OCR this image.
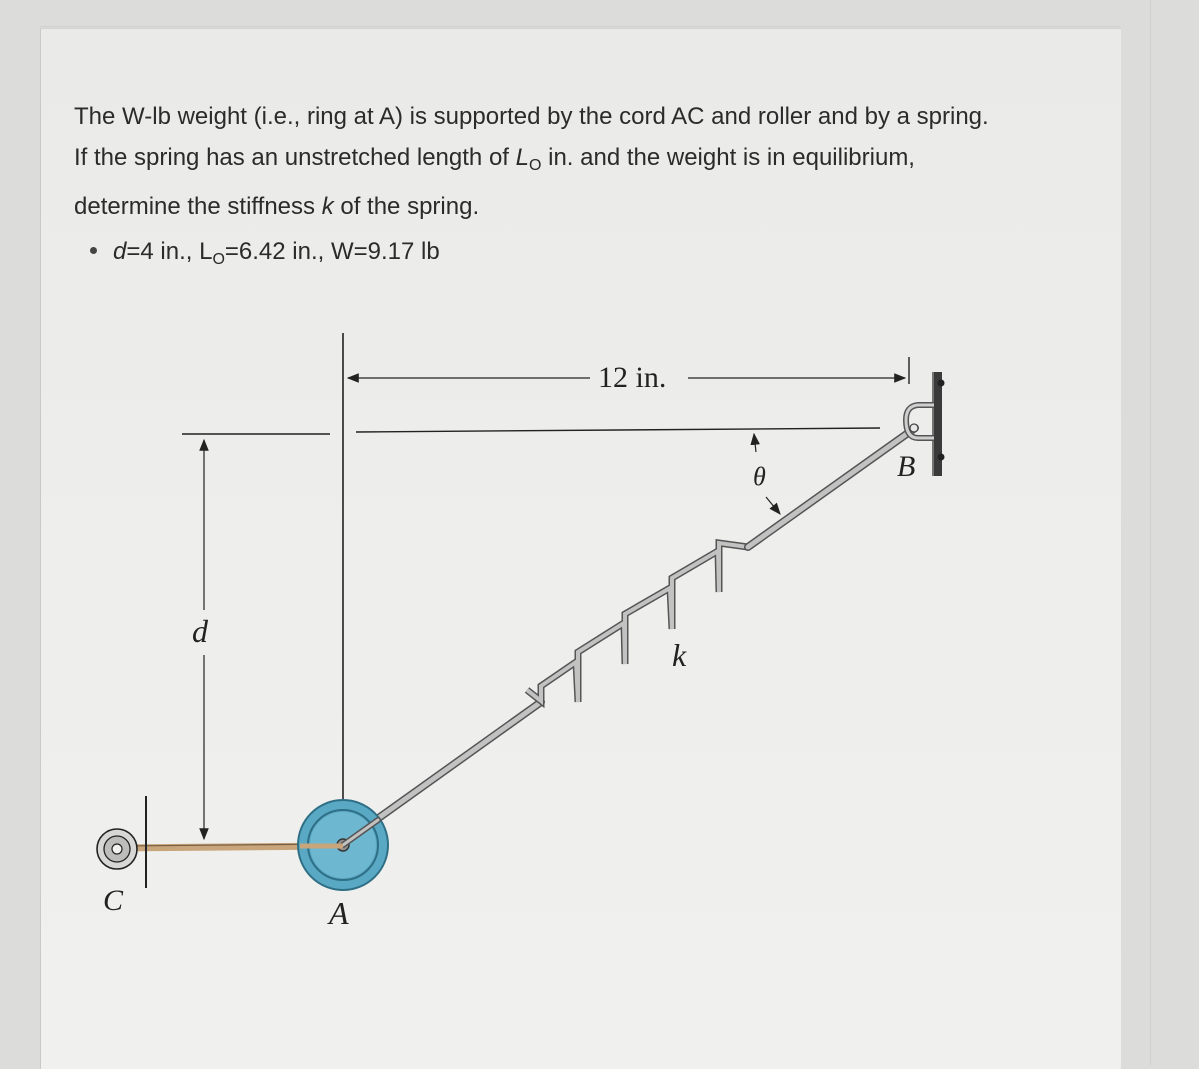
The W-lb weight (i.e., ring at A) is supported by the cord AC and roller and by a spring.

If the spring has an unstretched length of $L_O$ in. and the weight is in equilibrium,

determine the stiffness k of the spring.

d=4 in., $L_O=6.42$ in., W=9.17 lb
12 in.
d
C
k
θ	B
A
